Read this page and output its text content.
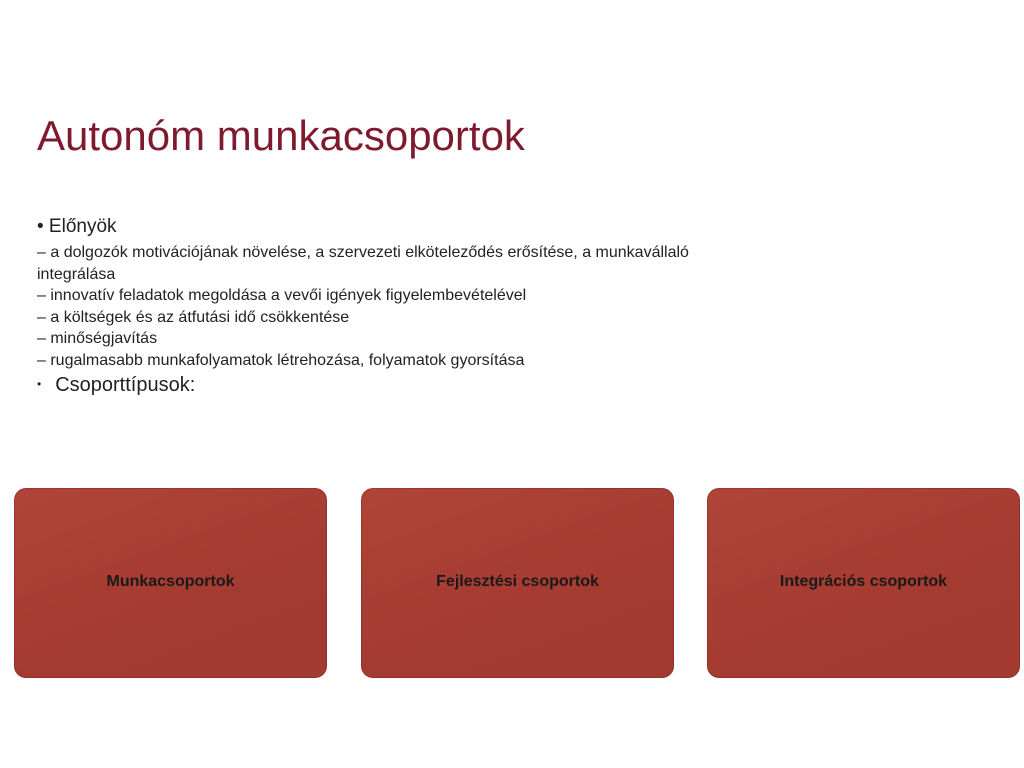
Autonóm munkacsoportok
• Előnyök
– a dolgozók motivációjának növelése, a szervezeti elköteleződés erősítése, a munkavállaló integrálása
– innovatív feladatok megoldása a vevői igények figyelembevételével
– a költségek és az átfutási idő csökkentése
– minőségjavítás
– rugalmasabb munkafolyamatok létrehozása, folyamatok gyorsítása
• Csoporttípusok:
Munkacsoportok	Fejlesztési csoportok	Integrációs csoportok
